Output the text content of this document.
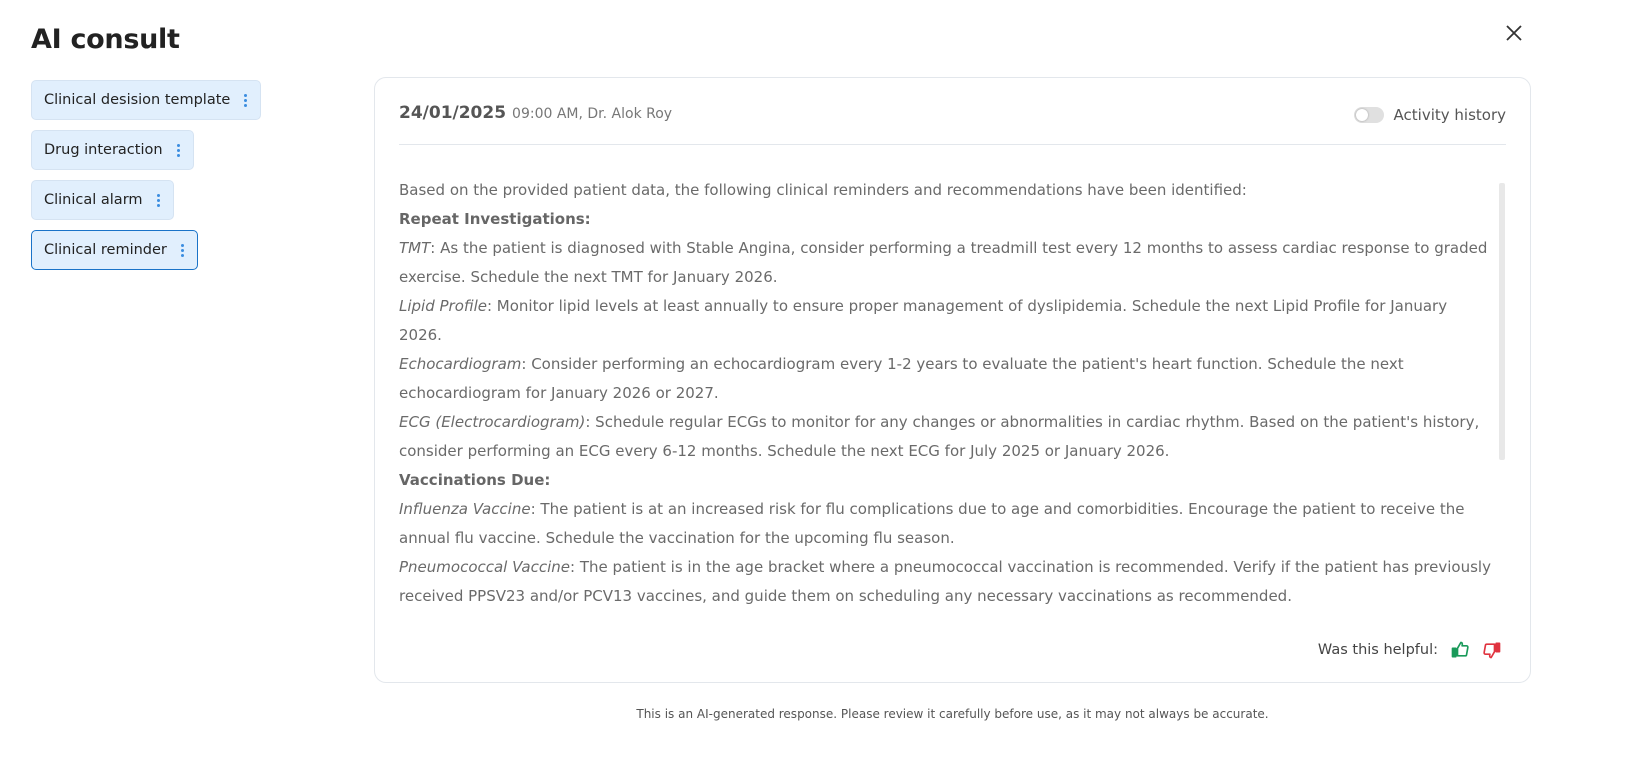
AI consult
Clinical desision template
Drug interaction
Clinical alarm
Clinical reminder
24/01/2025 09:00 AM, Dr. Alok Roy	Activity history
Based on the provided patient data, the following clinical reminders and recommendations have been identified:
Repeat Investigations:
TMT: As the patient is diagnosed with Stable Angina, consider performing a treadmill test every 12 months to assess cardiac response to graded exercise. Schedule the next TMT for January 2026.
Lipid Profile: Monitor lipid levels at least annually to ensure proper management of dyslipidemia. Schedule the next Lipid Profile for January 2026.
Echocardiogram: Consider performing an echocardiogram every 1-2 years to evaluate the patient's heart function. Schedule the next echocardiogram for January 2026 or 2027.
ECG (Electrocardiogram): Schedule regular ECGs to monitor for any changes or abnormalities in cardiac rhythm. Based on the patient's history, consider performing an ECG every 6-12 months. Schedule the next ECG for July 2025 or January 2026.
Vaccinations Due:
Influenza Vaccine: The patient is at an increased risk for flu complications due to age and comorbidities. Encourage the patient to receive the annual flu vaccine. Schedule the vaccination for the upcoming flu season.
Pneumococcal Vaccine: The patient is in the age bracket where a pneumococcal vaccination is recommended. Verify if the patient has previously received PPSV23 and/or PCV13 vaccines, and guide them on scheduling any necessary vaccinations as recommended.
Was this helpful:
This is an AI-generated response. Please review it carefully before use, as it may not always be accurate.
